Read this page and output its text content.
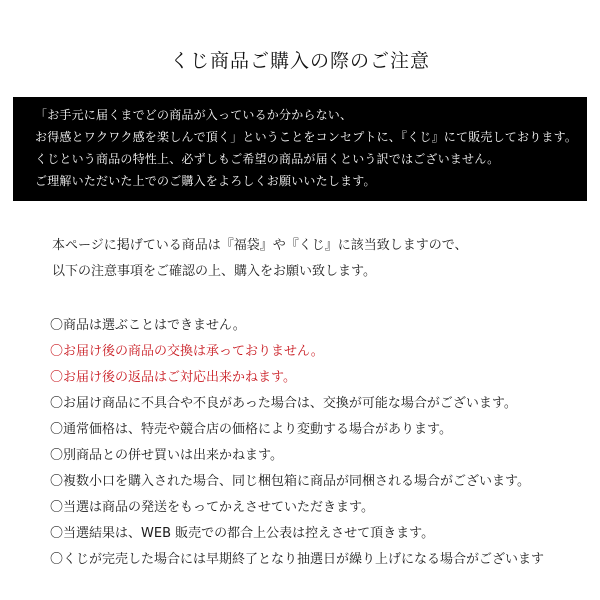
くじ商品ご購入の際のご注意
「お手元に届くまでどの商品が入っているか分からない、
お得感とワクワク感を楽しんで頂く」ということをコンセプトに、『くじ』にて販売しております。
くじという商品の特性上、必ずしもご希望の商品が届くという訳ではございません。
ご理解いただいた上でのご購入をよろしくお願いいたします。
本ページに掲げている商品は『福袋』や『くじ』に該当致しますので、
以下の注意事項をご確認の上、購入をお願い致します。
〇商品は選ぶことはできません。
〇お届け後の商品の交換は承っておりません。
〇お届け後の返品はご対応出来かねます。
〇お届け商品に不具合や不良があった場合は、交換が可能な場合がございます。
〇通常価格は、特売や競合店の価格により変動する場合があります。
〇別商品との併せ買いは出来かねます。
〇複数小口を購入された場合、同じ梱包箱に商品が同梱される場合がございます。
〇当選は商品の発送をもってかえさせていただきます。
〇当選結果は、WEB 販売での都合上公表は控えさせて頂きます。
〇くじが完売した場合には早期終了となり抽選日が繰り上げになる場合がございます
